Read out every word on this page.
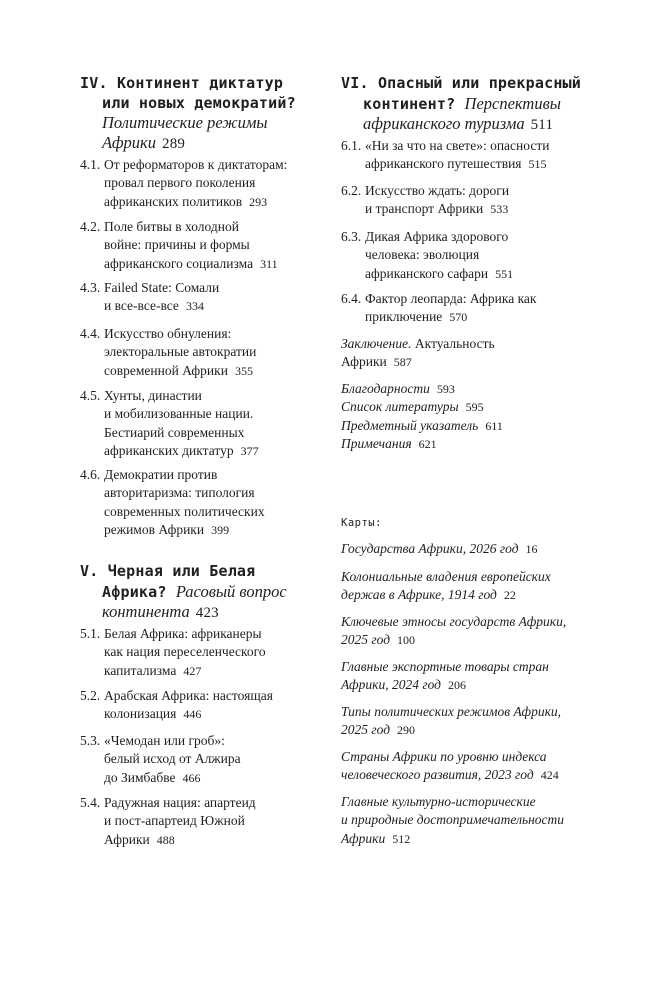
IV. Континент диктатур
или новых демократий?
Политические режимы
Африки 289
4.1. От реформаторов к диктаторам:
провал первого поколения
африканских политиков 293
4.2. Поле битвы в холодной
войне: причины и формы
африканского социализма 311
4.3. Failed State: Сомали
и все-все-все 334
4.4. Искусство обнуления:
электоральные автократии
современной Африки 355
4.5. Хунты, династии
и мобилизованные нации.
Бестиарий современных
африканских диктатур 377
4.6. Демократии против
авторитаризма: типология
современных политических
режимов Африки 399
V. Черная или Белая
Африка? Расовый вопрос
континента 423
5.1. Белая Африка: африканеры
как нация переселенческого
капитализма 427
5.2. Арабская Африка: настоящая
колонизация 446
5.3. «Чемодан или гроб»:
белый исход от Алжира
до Зимбабве 466
5.4. Радужная нация: апартеид
и пост-апартеид Южной
Африки 488
VI. Опасный или прекрасный
континент? Перспективы
африканского туризма 511
6.1. «Ни за что на свете»: опасности
африканского путешествия 515
6.2. Искусство ждать: дороги
и транспорт Африки 533
6.3. Дикая Африка здорового
человека: эволюция
африканского сафари 551
6.4. Фактор леопарда: Африка как
приключение 570
Заключение. Актуальность
Африки 587
Благодарности 593
Список литературы 595
Предметный указатель 611
Примечания 621
Карты:
Государства Африки, 2026 год 16
Колониальные владения европейских
держав в Африке, 1914 год 22
Ключевые этносы государств Африки,
2025 год 100
Главные экспортные товары стран
Африки, 2024 год 206
Типы политических режимов Африки,
2025 год 290
Страны Африки по уровню индекса
человеческого развития, 2023 год 424
Главные культурно-исторические
и природные достопримечательности
Африки 512
